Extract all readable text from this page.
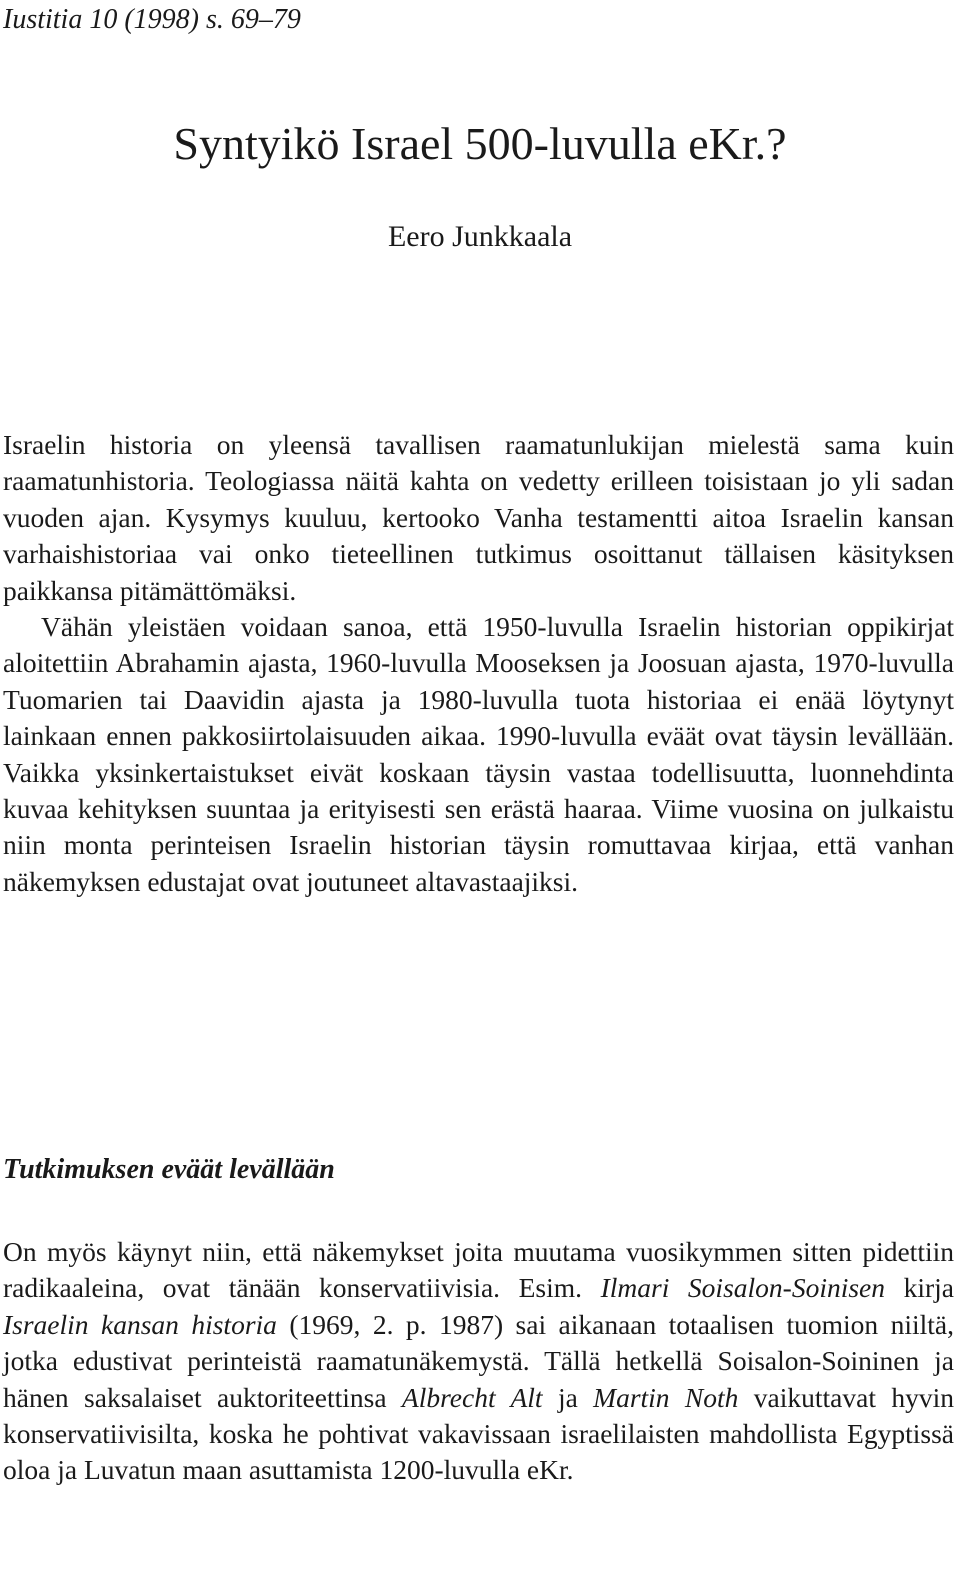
Iustitia 10 (1998) s. 69–79

Syntyikö Israel 500-luvulla eKr.?

Eero Junkkaala

Israelin historia on yleensä tavallisen raamatunlukijan mielestä sama kuin raamatunhistoria. Teologiassa näitä kahta on vedetty erilleen toisistaan jo yli sadan vuoden ajan. Kysymys kuuluu, kertooko Vanha testamentti aitoa Israelin kansan varhaishistoriaa vai onko tieteellinen tutkimus osoittanut tällaisen käsityksen paikkansa pitämättömäksi.

Vähän yleistäen voidaan sanoa, että 1950-luvulla Israelin historian oppikirjat aloitettiin Abrahamin ajasta, 1960-luvulla Mooseksen ja Joosuan ajasta, 1970-luvulla Tuomarien tai Daavidin ajasta ja 1980-luvulla tuota historiaa ei enää löytynyt lainkaan ennen pakkosiirtolaisuuden aikaa. 1990-luvulla eväät ovat täysin levällään. Vaikka yksinkertaistukset eivät koskaan täysin vastaa todellisuutta, luonnehdinta kuvaa kehityksen suuntaa ja erityisesti sen erästä haaraa. Viime vuosina on julkaistu niin monta perinteisen Israelin historian täysin romuttavaa kirjaa, että vanhan näkemyksen edustajat ovat joutuneet altavastaajiksi.

Tutkimuksen eväät levällään

On myös käynyt niin, että näkemykset joita muutama vuosikymmen sitten pidettiin radikaaleina, ovat tänään konservatiivisia. Esim. Ilmari Soisalon-Soinisen kirja Israelin kansan historia (1969, 2. p. 1987) sai aikanaan totaalisen tuomion niiltä, jotka edustivat perinteistä raamatunäkemystä. Tällä hetkellä Soisalon-Soininen ja hänen saksalaiset auktoriteettinsa Albrecht Alt ja Martin Noth vaikuttavat hyvin konservatiivisilta, koska he pohtivat vakavissaan israelilaisten mahdollista Egyptissä oloa ja Luvatun maan asuttamista 1200-luvulla eKr.
